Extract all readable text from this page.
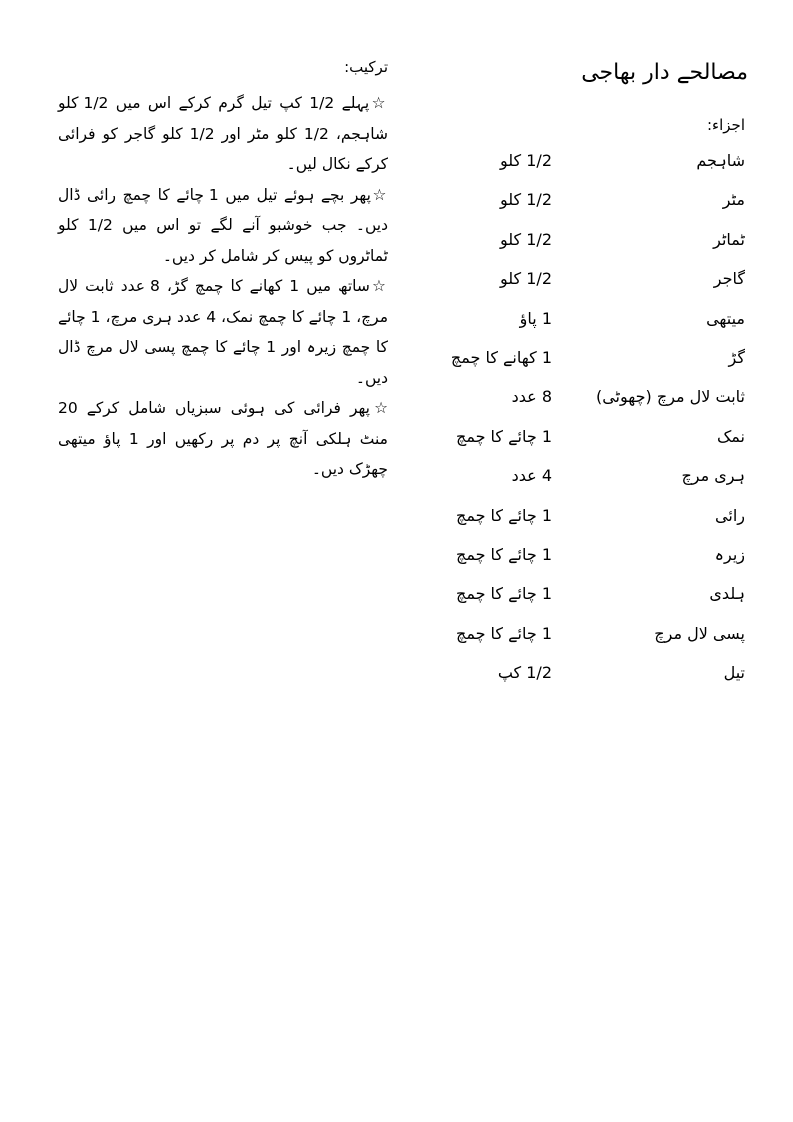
مصالحے دار بھاجی
اجزاء:
شاہجم
1/2 کلو
مٹر
1/2 کلو
ٹماٹر
1/2 کلو
گاجر
1/2 کلو
میتھی
1 پاؤ
گڑ
1 کھانے کا چمچ
ثابت لال مرچ (چھوٹی)
8 عدد
نمک
1 چائے کا چمچ
ہری مرچ
4 عدد
رائی
1 چائے کا چمچ
زیرہ
1 چائے کا چمچ
ہلدی
1 چائے کا چمچ
پسی لال مرچ
1 چائے کا چمچ
تیل
1/2 کپ
ترکیب:

☆پہلے 1/2 کپ تیل گرم کرکے اس میں 1/2 کلو شاہجم، 1/2 کلو مٹر اور 1/2 کلو گاجر کو فرائی کرکے نکال لیں۔

☆پھر بچے ہوئے تیل میں 1 چائے کا چمچ رائی ڈال دیں۔ جب خوشبو آنے لگے تو اس میں 1/2 کلو ٹماٹروں کو پیس کر شامل کر دیں۔

☆ساتھ میں 1 کھانے کا چمچ گڑ، 8 عدد ثابت لال مرچ، 1 چائے کا چمچ نمک، 4 عدد ہری مرچ، 1 چائے کا چمچ زیرہ اور 1 چائے کا چمچ پسی لال مرچ ڈال دیں۔

☆پھر فرائی کی ہوئی سبزیاں شامل کرکے 20 منٹ ہلکی آنچ پر دم پر رکھیں اور 1 پاؤ میتھی چھڑک دیں۔
